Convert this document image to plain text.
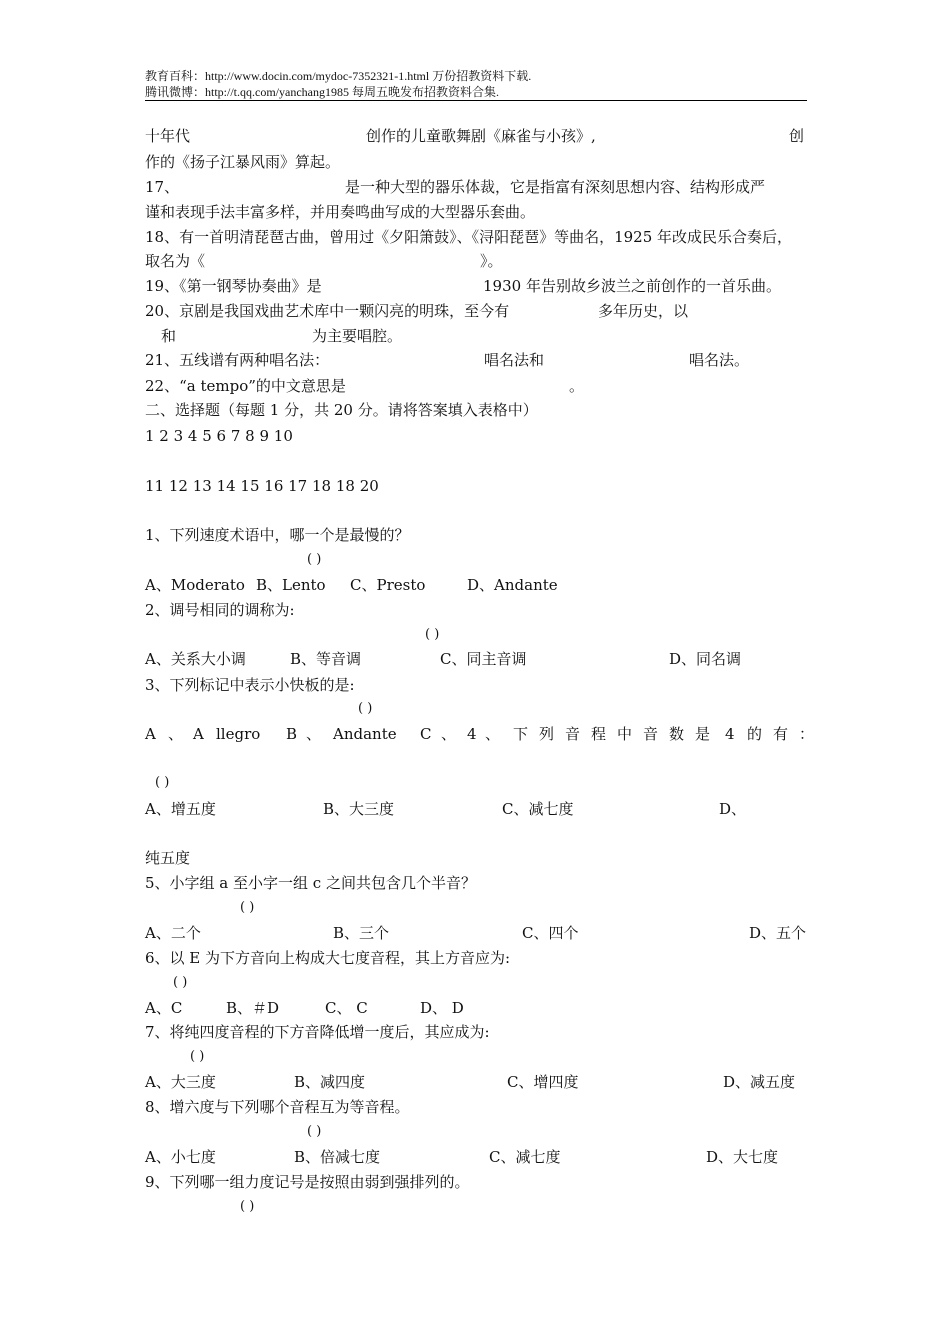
教育百科：http://www.docin.com/mydoc-7352321-1.html 万份招教资料下载.
腾讯微博：http://t.qq.com/yanchang1985 每周五晚发布招教资料合集.
十年代	创作的儿童歌舞剧《麻雀与小孩》,	创
作的《扬子江暴风雨》算起。
17、	是一种大型的器乐体裁，它是指富有深刻思想内容、结构形成严
谨和表现手法丰富多样，并用奏鸣曲写成的大型器乐套曲。
18、有一首明清琵琶古曲，曾用过《夕阳箫鼓》、《浔阳琵琶》等曲名，1925 年改成民乐合奏后，
取名为《	》。
19、《第一钢琴协奏曲》是	1930 年告别故乡波兰之前创作的一首乐曲。
20、京剧是我国戏曲艺术库中一颗闪亮的明珠，至今有	多年历史，以
和	为主要唱腔。
21、五线谱有两种唱名法：	唱名法和	唱名法。
22、“a tempo”的中文意思是	。
二、选择题（每题 1 分，共 20 分。请将答案填入表格中）
1 2 3 4 5 6 7 8 9 10
11 12 13 14 15 16 17 18 18 20
1、下列速度术语中，哪一个是最慢的？
( )
A、Moderato B、Lento C、Presto	D、Andante
2、调号相同的调称为:
( )
A、关系大小调	B、等音调	C、同主音调	D、同名调
3、下列标记中表示小快板的是:
( )
A 、 A llegro B 、 Andante C 、 4 、 下 列 音 程 中 音 数 是 4 的 有 ：
( )
A、增五度	B、大三度	C、减七度	D、
纯五度
5、小字组 a 至小字一组 c 之间共包含几个半音？
( )
A、二个	B、三个	C、四个	D、五个
6、以 E 为下方音向上构成大七度音程，其上方音应为:
( )
A、C	B、＃D	C、 C	D、 D
7、将纯四度音程的下方音降低增一度后，其应成为:
( )
A、大三度	B、减四度	C、增四度	D、减五度
8、增六度与下列哪个音程互为等音程。
( )
A、小七度	B、倍减七度	C、减七度	D、大七度
9、下列哪一组力度记号是按照由弱到强排列的。
( )
